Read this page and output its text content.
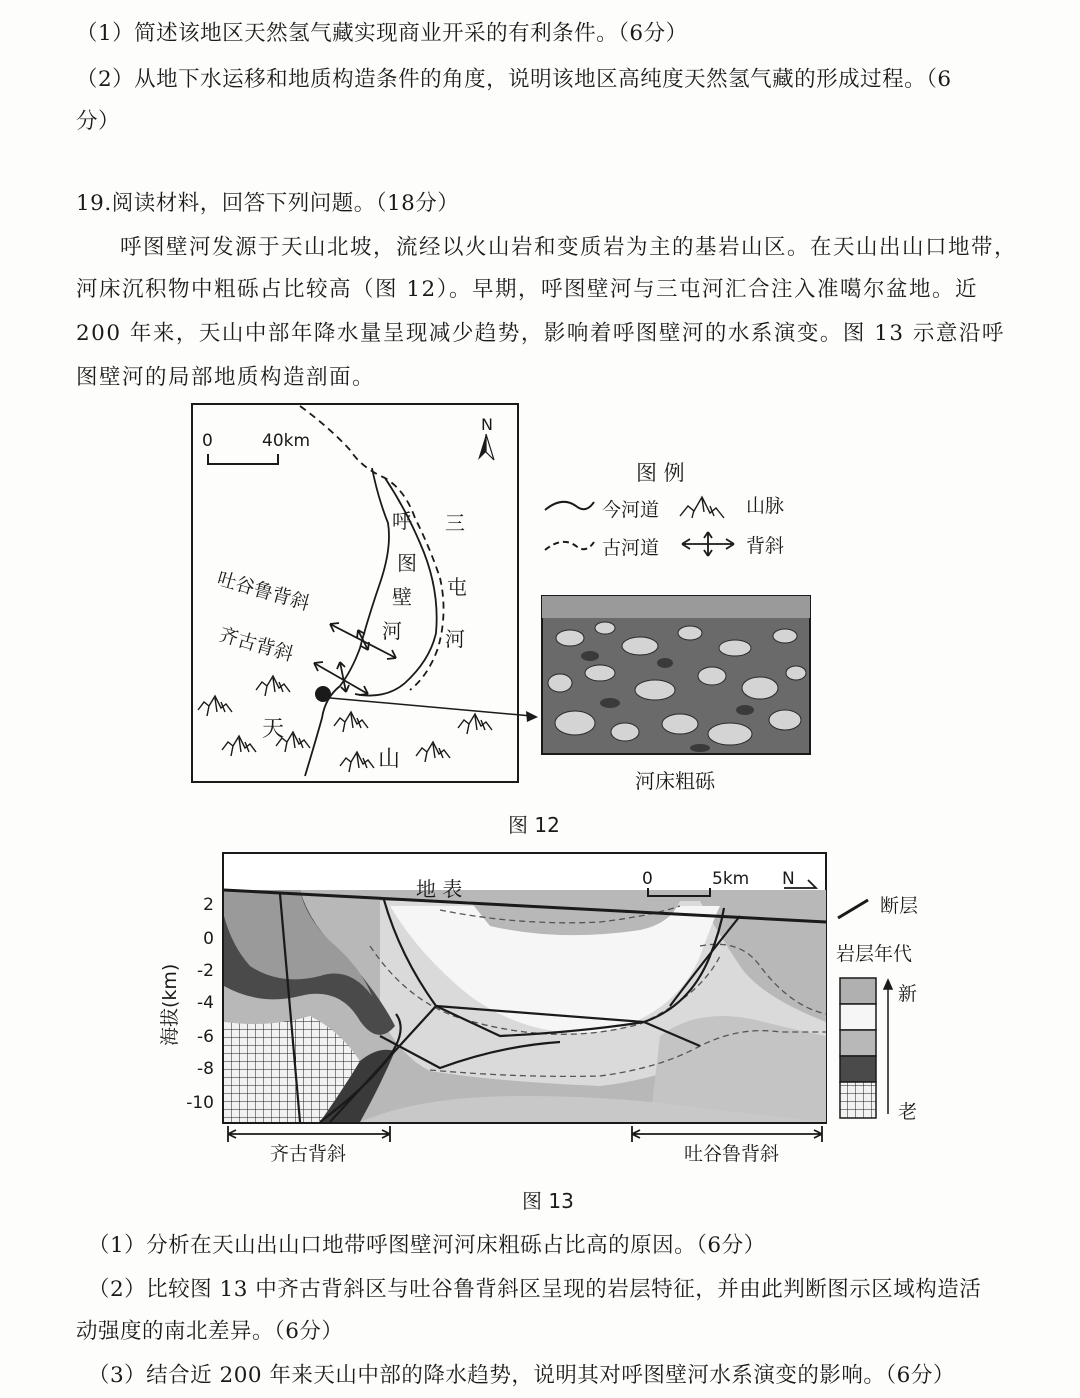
（1）简述该地区天然氢气藏实现商业开采的有利条件。（6分）
（2）从地下水运移和地质构造条件的角度，说明该地区高纯度天然氢气藏的形成过程。（6
分）
19.阅读材料，回答下列问题。（18分）
呼图壁河发源于天山北坡，流经以火山岩和变质岩为主的基岩山区。在天山出山口地带，
河床沉积物中粗砾占比较高（图 12）。早期，呼图壁河与三屯河汇合注入准噶尔盆地。近
200 年来，天山中部年降水量呈现减少趋势，影响着呼图壁河的水系演变。图 13 示意沿呼
图壁河的局部地质构造剖面。
0	40km
N
呼
图
壁
河
三
屯
河
吐谷鲁背斜
齐古背斜
天
山
图 例
今河道	山脉
古河道	背斜
河床粗砾
图 12
地 表	0	5km N
2
0
-2
-4
-6
-8
-10
海拔(km)
齐古背斜	吐谷鲁背斜
断层
岩层年代
新
老
图 13
（1）分析在天山出山口地带呼图壁河河床粗砾占比高的原因。（6分）
（2）比较图 13 中齐古背斜区与吐谷鲁背斜区呈现的岩层特征，并由此判断图示区域构造活
动强度的南北差异。（6分）
（3）结合近 200 年来天山中部的降水趋势，说明其对呼图壁河水系演变的影响。（6分）
